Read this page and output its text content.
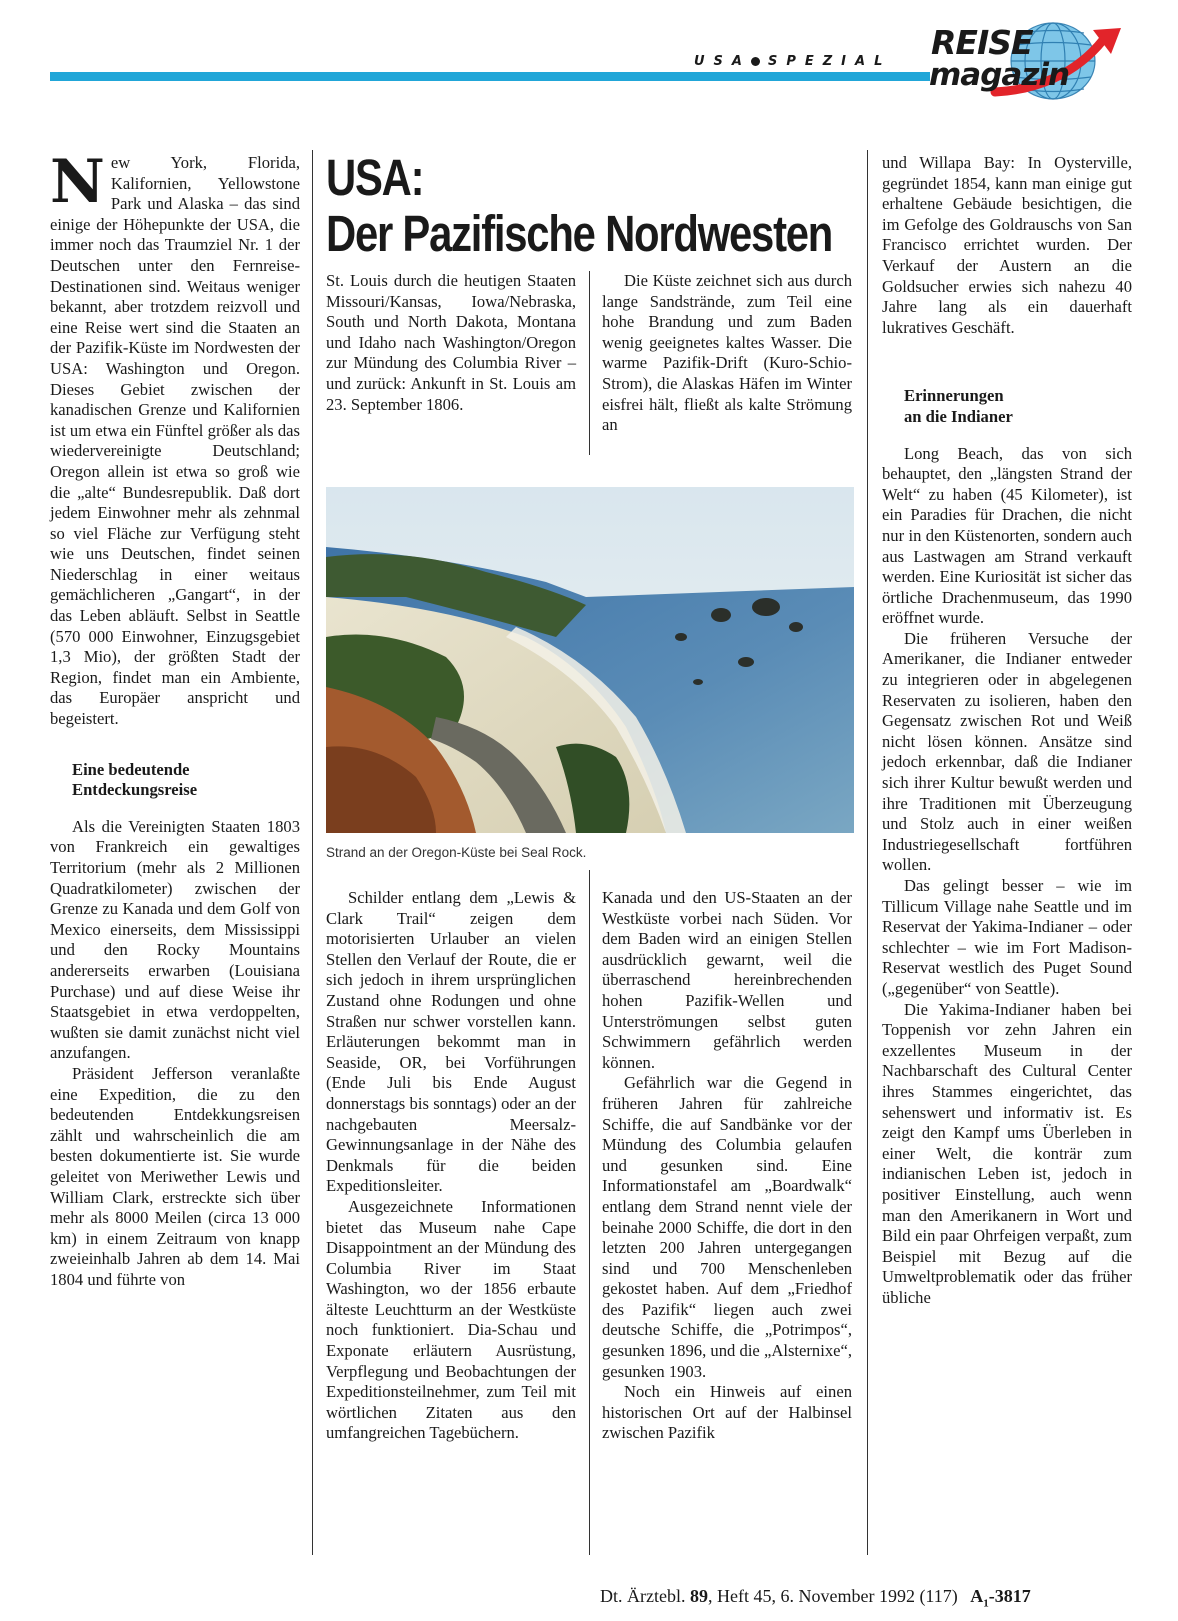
USA SPEZIAL REISE
magazin
USA:
Der Pazifische Nordwesten

New York, Florida, Kalifornien, Yellowstone Park und Alaska – das sind einige der Höhepunkte der USA, die immer noch das Traumziel Nr. 1 der Deutschen unter den Fernreise-Destinationen sind. Weitaus weniger bekannt, aber trotzdem reizvoll und eine Reise wert sind die Staaten an der Pazifik-Küste im Nordwesten der USA: Washington und Oregon. Dieses Gebiet zwischen der kanadischen Grenze und Kalifornien ist um etwa ein Fünftel größer als das wiedervereinigte Deutschland; Oregon allein ist etwa so groß wie die „alte“ Bundesrepublik. Daß dort jedem Einwohner mehr als zehnmal so viel Fläche zur Verfügung steht wie uns Deutschen, findet seinen Niederschlag in einer weitaus gemächlicheren „Gangart“, in der das Leben abläuft. Selbst in Seattle (570 000 Einwohner, Einzugsgebiet 1,3 Mio), der größten Stadt der Region, findet man ein Ambiente, das Europäer anspricht und begeistert.

Eine bedeutende
Entdeckungsreise

Als die Vereinigten Staaten 1803 von Frankreich ein gewaltiges Territorium (mehr als 2 Millionen Quadratkilometer) zwischen der Grenze zu Kanada und dem Golf von Mexico einerseits, dem Mississippi und den Rocky Mountains andererseits erwarben (Louisiana Purchase) und auf diese Weise ihr Staatsgebiet in etwa verdoppelten, wußten sie damit zunächst nicht viel anzufangen.

Präsident Jefferson veranlaßte eine Expedition, die zu den bedeutenden Entdekkungsreisen zählt und wahrscheinlich die am besten dokumentierte ist. Sie wurde geleitet von Meriwether Lewis und William Clark, erstreckte sich über mehr als 8000 Meilen (circa 13 000 km) in einem Zeitraum von knapp zweieinhalb Jahren ab dem 14. Mai 1804 und führte von

St. Louis durch die heutigen Staaten Missouri/Kansas, Iowa/Nebraska, South und North Dakota, Montana und Idaho nach Washington/Oregon zur Mündung des Columbia River – und zurück: Ankunft in St. Louis am 23. September 1806.

Die Küste zeichnet sich aus durch lange Sandstrände, zum Teil eine hohe Brandung und zum Baden wenig geeignetes kaltes Wasser. Die warme Pazifik-Drift (Kuro-Schio-Strom), die Alaskas Häfen im Winter eisfrei hält, fließt als kalte Strömung an

Strand an der Oregon-Küste bei Seal Rock.

Schilder entlang dem „Lewis & Clark Trail“ zeigen dem motorisierten Urlauber an vielen Stellen den Verlauf der Route, die er sich jedoch in ihrem ursprünglichen Zustand ohne Rodungen und ohne Straßen nur schwer vorstellen kann. Erläuterungen bekommt man in Seaside, OR, bei Vorführungen (Ende Juli bis Ende August donnerstags bis sonntags) oder an der nachgebauten Meersalz-Gewinnungsanlage in der Nähe des Denkmals für die beiden Expeditionsleiter.

Ausgezeichnete Informationen bietet das Museum nahe Cape Disappointment an der Mündung des Columbia River im Staat Washington, wo der 1856 erbaute älteste Leuchtturm an der Westküste noch funktioniert. Dia-Schau und Exponate erläutern Ausrüstung, Verpflegung und Beobachtungen der Expeditionsteilnehmer, zum Teil mit wörtlichen Zitaten aus den umfangreichen Tagebüchern.

Kanada und den US-Staaten an der Westküste vorbei nach Süden. Vor dem Baden wird an einigen Stellen ausdrücklich gewarnt, weil die überraschend hereinbrechenden hohen Pazifik-Wellen und Unterströmungen selbst guten Schwimmern gefährlich werden können.

Gefährlich war die Gegend in früheren Jahren für zahlreiche Schiffe, die auf Sandbänke vor der Mündung des Columbia gelaufen und gesunken sind. Eine Informationstafel am „Boardwalk“ entlang dem Strand nennt viele der beinahe 2000 Schiffe, die dort in den letzten 200 Jahren untergegangen sind und 700 Menschenleben gekostet haben. Auf dem „Friedhof des Pazifik“ liegen auch zwei deutsche Schiffe, die „Potrimpos“, gesunken 1896, und die „Alsternixe“, gesunken 1903.

Noch ein Hinweis auf einen historischen Ort auf der Halbinsel zwischen Pazifik

und Willapa Bay: In Oysterville, gegründet 1854, kann man einige gut erhaltene Gebäude besichtigen, die im Gefolge des Goldrauschs von San Francisco errichtet wurden. Der Verkauf der Austern an die Goldsucher erwies sich nahezu 40 Jahre lang als ein dauerhaft lukratives Geschäft.

Erinnerungen
an die Indianer

Long Beach, das von sich behauptet, den „längsten Strand der Welt“ zu haben (45 Kilometer), ist ein Paradies für Drachen, die nicht nur in den Küstenorten, sondern auch aus Lastwagen am Strand verkauft werden. Eine Kuriosität ist sicher das örtliche Drachenmuseum, das 1990 eröffnet wurde.

Die früheren Versuche der Amerikaner, die Indianer entweder zu integrieren oder in abgelegenen Reservaten zu isolieren, haben den Gegensatz zwischen Rot und Weiß nicht lösen können. Ansätze sind jedoch erkennbar, daß die Indianer sich ihrer Kultur bewußt werden und ihre Traditionen mit Überzeugung und Stolz auch in einer weißen Industriegesellschaft fortführen wollen.

Das gelingt besser – wie im Tillicum Village nahe Seattle und im Reservat der Yakima-Indianer – oder schlechter – wie im Fort Madison-Reservat westlich des Puget Sound („gegenüber“ von Seattle).

Die Yakima-Indianer haben bei Toppenish vor zehn Jahren ein exzellentes Museum in der Nachbarschaft des Cultural Center ihres Stammes eingerichtet, das sehenswert und informativ ist. Es zeigt den Kampf ums Überleben in einer Welt, die konträr zum indianischen Leben ist, jedoch in positiver Einstellung, auch wenn man den Amerikanern in Wort und Bild ein paar Ohrfeigen verpaßt, zum Beispiel mit Bezug auf die Umweltproblematik oder das früher übliche

Dt. Ärztebl. 89, Heft 45, 6. November 1992 (117) $A_1-3817$
